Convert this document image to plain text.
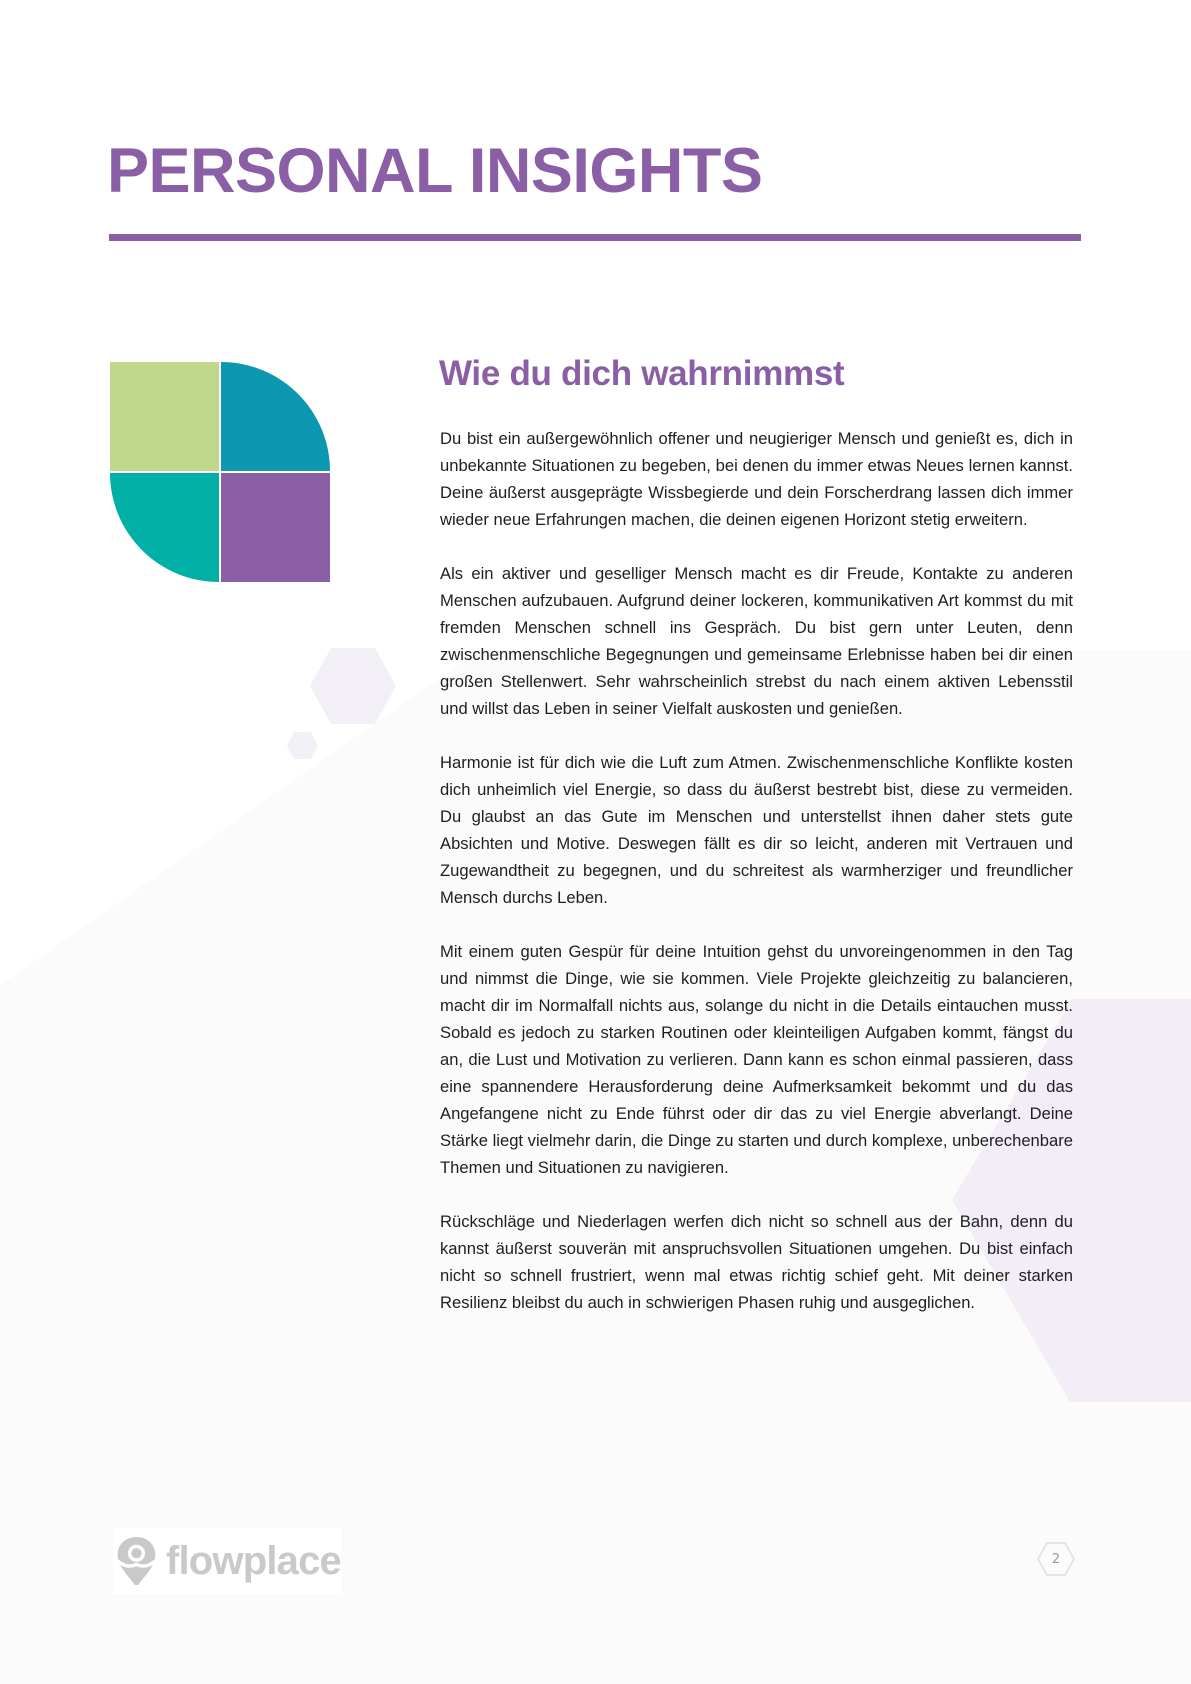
PERSONAL INSIGHTS
Wie du dich wahrnimmst

Du bist ein außergewöhnlich offener und neugieriger Mensch und genießt es, dich in unbekannte Situationen zu begeben, bei denen du immer etwas Neues lernen kannst. Deine äußerst ausgeprägte Wissbegierde und dein Forscherdrang lassen dich immer wieder neue Erfahrungen machen, die deinen eigenen Horizont stetig erweitern.

Als ein aktiver und geselliger Mensch macht es dir Freude, Kontakte zu anderen Menschen aufzubauen. Aufgrund deiner lockeren, kommunikativen Art kommst du mit fremden Menschen schnell ins Gespräch. Du bist gern unter Leuten, denn zwischenmenschliche Begegnungen und gemeinsame Erlebnisse haben bei dir einen großen Stellenwert. Sehr wahrscheinlich strebst du nach einem aktiven Lebensstil und willst das Leben in seiner Vielfalt auskosten und genießen.

Harmonie ist für dich wie die Luft zum Atmen. Zwischenmenschliche Konflikte kosten dich unheimlich viel Energie, so dass du äußerst bestrebt bist, diese zu vermeiden. Du glaubst an das Gute im Menschen und unterstellst ihnen daher stets gute Absichten und Motive. Deswegen fällt es dir so leicht, anderen mit Vertrauen und Zugewandtheit zu begegnen, und du schreitest als warmherziger und freundlicher Mensch durchs Leben.

Mit einem guten Gespür für deine Intuition gehst du unvoreingenommen in den Tag und nimmst die Dinge, wie sie kommen. Viele Projekte gleichzeitig zu balancieren, macht dir im Normalfall nichts aus, solange du nicht in die Details eintauchen musst. Sobald es jedoch zu starken Routinen oder kleinteiligen Aufgaben kommt, fängst du an, die Lust und Motivation zu verlieren. Dann kann es schon einmal passieren, dass eine spannendere Herausforderung deine Aufmerksamkeit bekommt und du das Angefangene nicht zu Ende führst oder dir das zu viel Energie abverlangt. Deine Stärke liegt vielmehr darin, die Dinge zu starten und durch komplexe, unberechenbare Themen und Situationen zu navigieren.

Rückschläge und Niederlagen werfen dich nicht so schnell aus der Bahn, denn du kannst äußerst souverän mit anspruchsvollen Situationen umgehen. Du bist einfach nicht so schnell frustriert, wenn mal etwas richtig schief geht. Mit deiner starken Resilienz bleibst du auch in schwierigen Phasen ruhig und ausgeglichen.

flowplace	2
